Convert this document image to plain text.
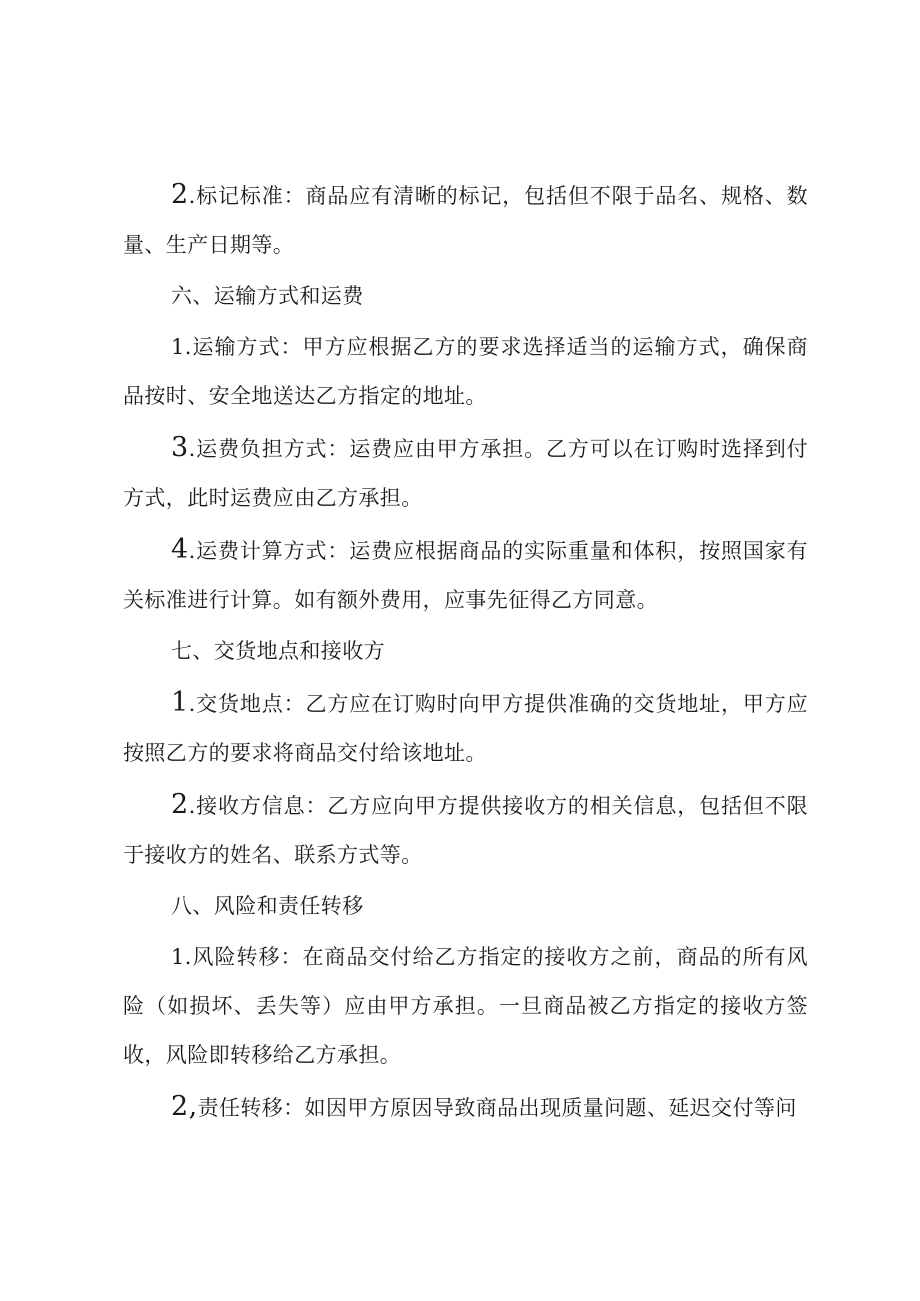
2.标记标准：商品应有清晰的标记，包括但不限于品名、规格、数量、生产日期等。

六、运输方式和运费

1.运输方式：甲方应根据乙方的要求选择适当的运输方式，确保商品按时、安全地送达乙方指定的地址。

3.运费负担方式：运费应由甲方承担。乙方可以在订购时选择到付方式，此时运费应由乙方承担。

4.运费计算方式：运费应根据商品的实际重量和体积，按照国家有关标准进行计算。如有额外费用，应事先征得乙方同意。

七、交货地点和接收方

1.交货地点：乙方应在订购时向甲方提供准确的交货地址，甲方应按照乙方的要求将商品交付给该地址。

2.接收方信息：乙方应向甲方提供接收方的相关信息，包括但不限于接收方的姓名、联系方式等。

八、风险和责任转移

1.风险转移：在商品交付给乙方指定的接收方之前，商品的所有风险（如损坏、丢失等）应由甲方承担。一旦商品被乙方指定的接收方签收，风险即转移给乙方承担。

2,责任转移：如因甲方原因导致商品出现质量问题、延迟交付等问
